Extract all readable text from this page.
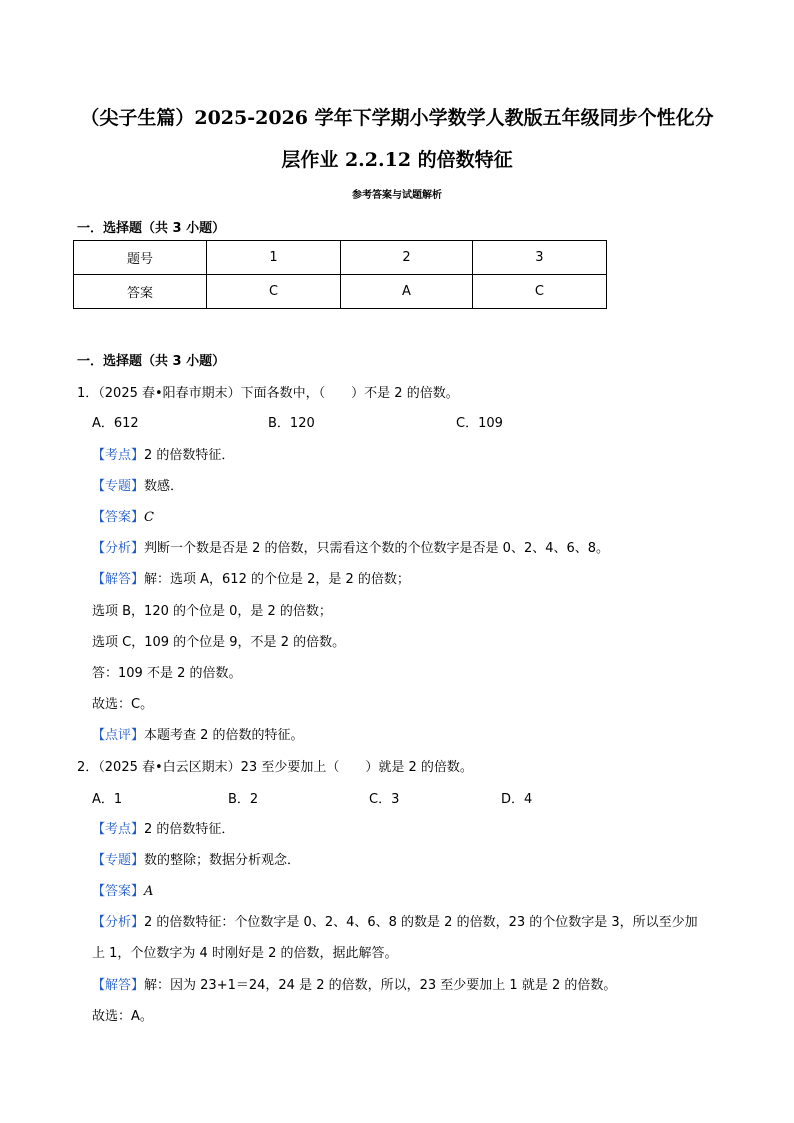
（尖子生篇）2025-2026 学年下学期小学数学人教版五年级同步个性化分
层作业 2.2.12 的倍数特征
参考答案与试题解析
一．选择题（共 3 小题）
题号	1	2	3
答案	C	A	C
一．选择题（共 3 小题）
1．（2025 春•阳春市期末）下面各数中，（　　）不是 2 的倍数。
A．612	B．120	C．109
【考点】2 的倍数特征．
【专题】数感．
【答案】C
【分析】判断一个数是否是 2 的倍数，只需看这个数的个位数字是否是 0、2、4、6、8。
【解答】解：选项 A，612 的个位是 2，是 2 的倍数；
选项 B，120 的个位是 0，是 2 的倍数；
选项 C，109 的个位是 9，不是 2 的倍数。
答：109 不是 2 的倍数。
故选：C。
【点评】本题考查 2 的倍数的特征。
2．（2025 春•白云区期末）23 至少要加上（　　）就是 2 的倍数。
A．1	B．2	C．3	D．4
【考点】2 的倍数特征．
【专题】数的整除；数据分析观念．
【答案】A
【分析】2 的倍数特征：个位数字是 0、2、4、6、8 的数是 2 的倍数，23 的个位数字是 3，所以至少加
上 1，个位数字为 4 时刚好是 2 的倍数，据此解答。
【解答】解：因为 23+1＝24，24 是 2 的倍数，所以，23 至少要加上 1 就是 2 的倍数。
故选：A。
